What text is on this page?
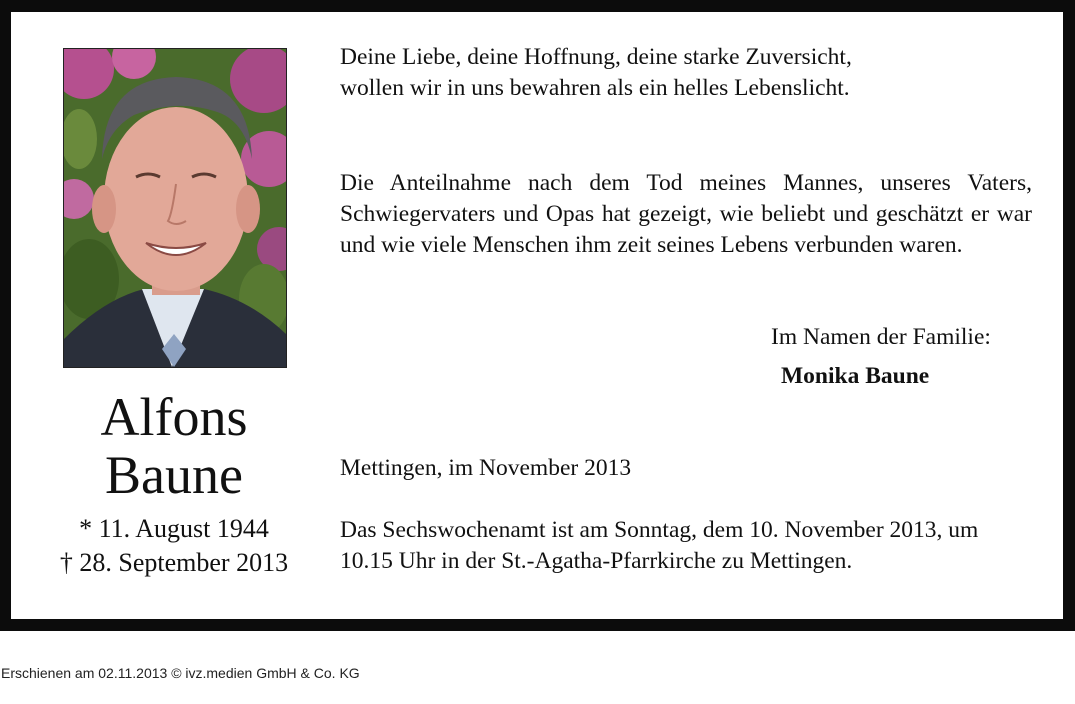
Alfons
Baune
* 11. August 1944
† 28. September 2013
Deine Liebe, deine Hoffnung, deine starke Zuversicht,
wollen wir in uns bewahren als ein helles Lebenslicht.
Die Anteilnahme nach dem Tod meines Mannes, unseres Vaters, Schwiegervaters und Opas hat gezeigt, wie beliebt und geschätzt er war und wie viele Menschen ihm zeit seines Lebens verbunden waren.
Im Namen der Familie:
Monika Baune
Mettingen, im November 2013
Das Sechswochenamt ist am Sonntag, dem 10. November 2013, um 10.15 Uhr in der St.-Agatha-Pfarrkirche zu Mettingen.
Erschienen am 02.11.2013 © ivz.medien GmbH & Co. KG
